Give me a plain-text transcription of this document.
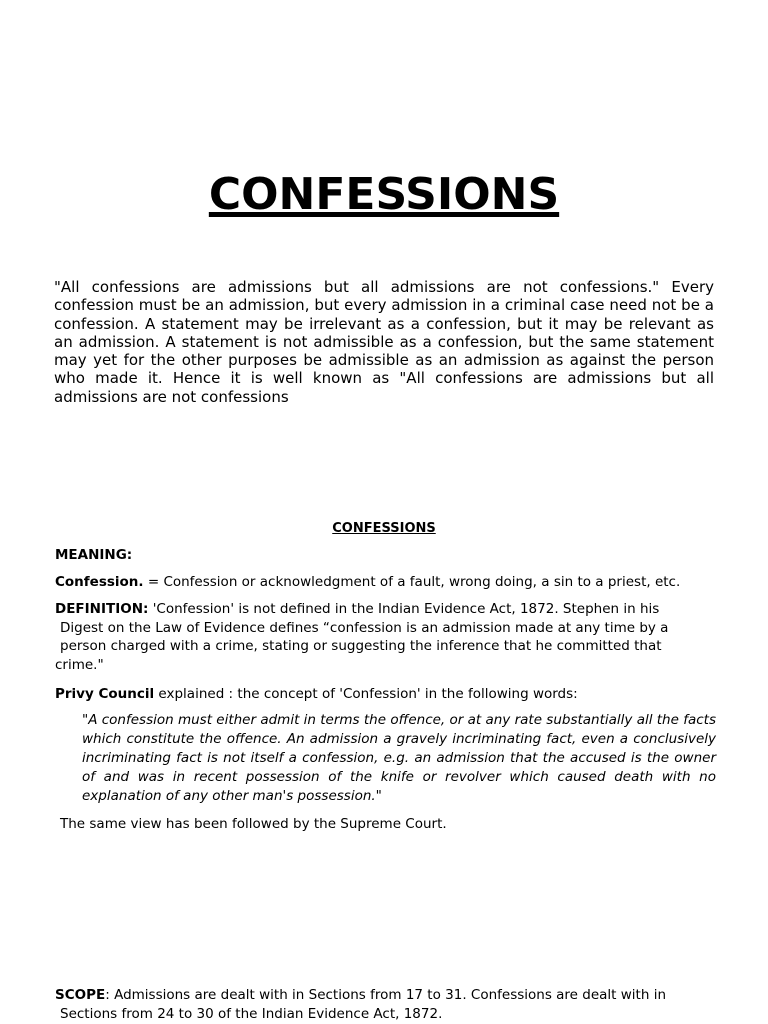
CONFESSIONS

"All confessions are admissions but all admissions are not confessions." Every confession must be an admission, but every admission in a criminal case need not be a confession. A statement may be irrelevant as a confession, but it may be relevant as an admission. A statement is not admissible as a confession, but the same statement may yet for the other purposes be admissible as an admission as against the person who made it. Hence it is well known as "All confessions are admissions but all admissions are not confessions

CONFESSIONS

MEANING:

Confession. = Confession or acknowledgment of a fault, wrong doing, a sin to a priest, etc.

DEFINITION: 'Confession' is not defined in the Indian Evidence Act, 1872. Stephen in his
Digest on the Law of Evidence defines “confession is an admission made at any time by a
person charged with a crime, stating or suggesting the inference that he committed that
crime."

Privy Council explained : the concept of 'Confession' in the following words:

"A confession must either admit in terms the offence, or at any rate substantially all the facts which constitute the offence. An admission a gravely incriminating fact, even a conclusively incriminating fact is not itself a confession, e.g. an admission that the accused is the owner of and was in recent possession of the knife or revolver which caused death with no explanation of any other man's possession."

The same view has been followed by the Supreme Court.

SCOPE: Admissions are dealt with in Sections from 17 to 31. Confessions are dealt with in
Sections from 24 to 30 of the Indian Evidence Act, 1872.
